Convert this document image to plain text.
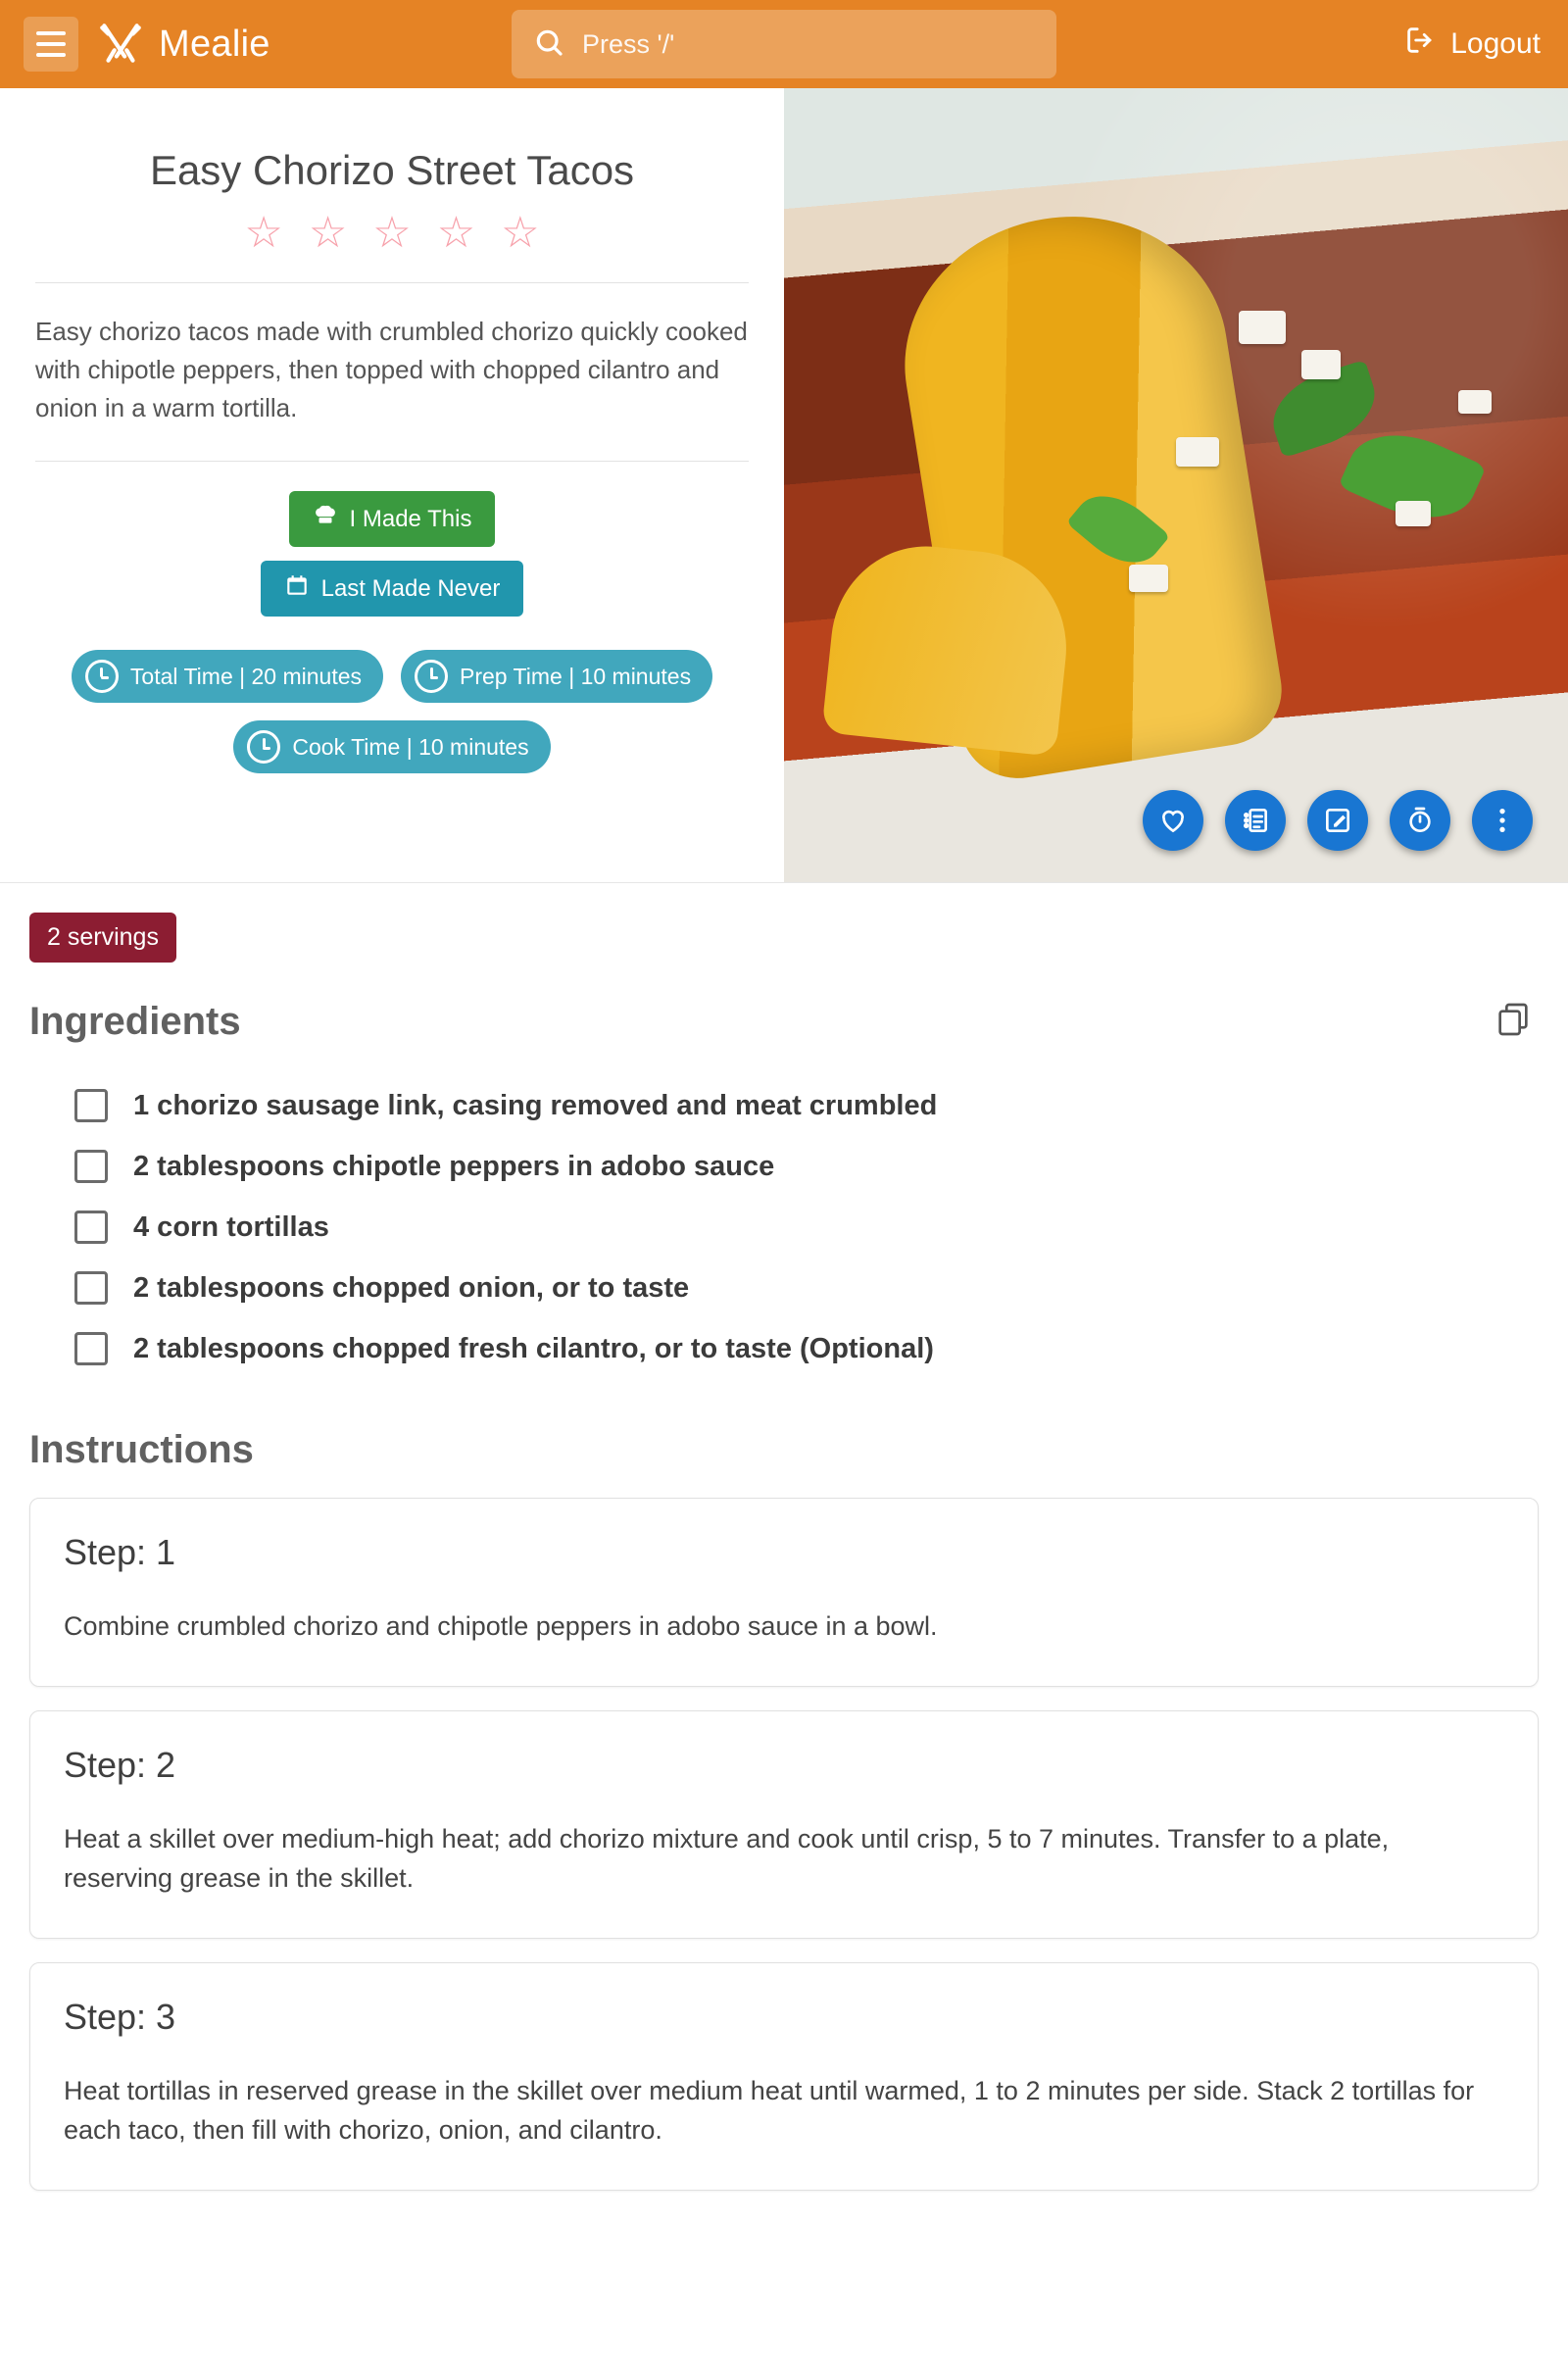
Mealie
Press '/'	Logout
Easy Chorizo Street Tacos
☆ ☆ ☆ ☆ ☆

Easy chorizo tacos made with crumbled chorizo quickly cooked with chipotle peppers, then topped with chopped cilantro and onion in a warm tortilla.

I Made This
Last Made Never
Total Time | 20 minutes	Prep Time | 10 minutes
Cook Time | 10 minutes
2 servings
Ingredients
1 chorizo sausage link, casing removed and meat crumbled
2 tablespoons chipotle peppers in adobo sauce
4 corn tortillas
2 tablespoons chopped onion, or to taste
2 tablespoons chopped fresh cilantro, or to taste (Optional)
Instructions
Step: 1

Combine crumbled chorizo and chipotle peppers in adobo sauce in a bowl.

Step: 2

Heat a skillet over medium-high heat; add chorizo mixture and cook until crisp, 5 to 7 minutes. Transfer to a plate, reserving grease in the skillet.

Step: 3

Heat tortillas in reserved grease in the skillet over medium heat until warmed, 1 to 2 minutes per side. Stack 2 tortillas for each taco, then fill with chorizo, onion, and cilantro.
